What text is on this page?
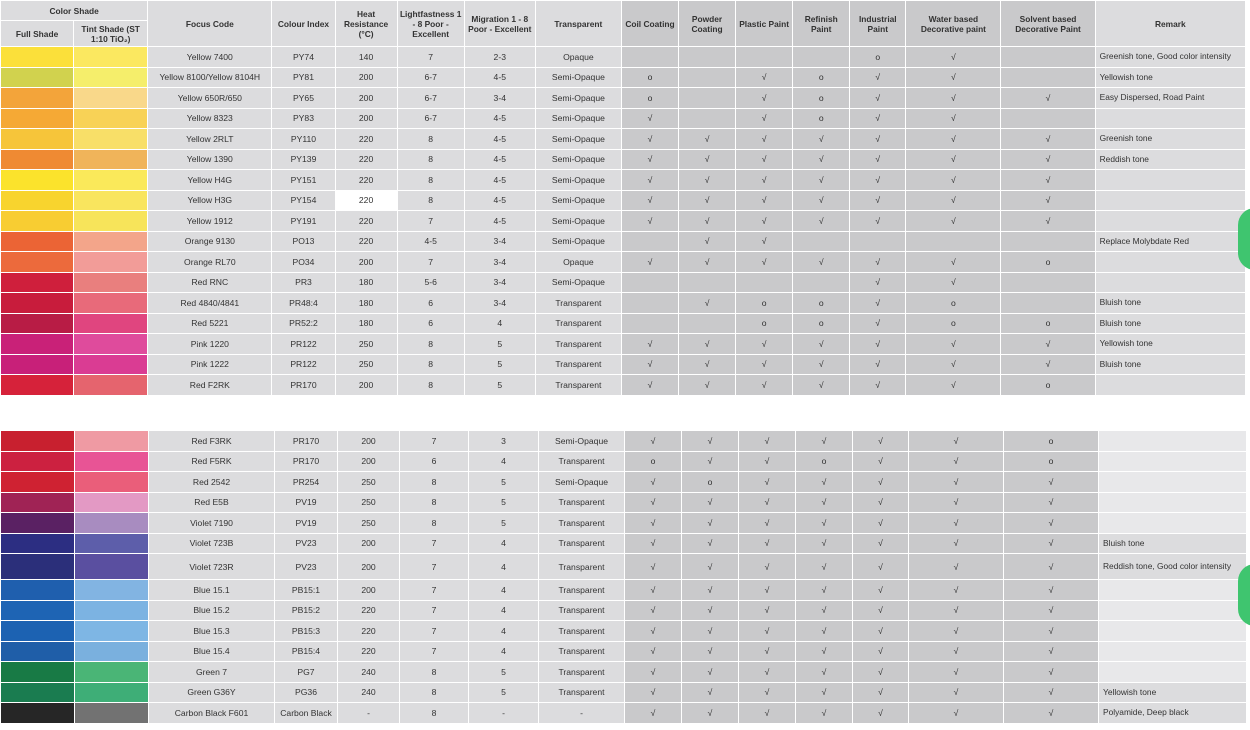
Color Shade		Focus Code	Colour Index	Heat Resistance (°C)	Lightfastness 1 - 8 Poor - Excellent	Migration 1 - 8 Poor - Excellent	Transparent	Coil Coating	Powder Coating	Plastic Paint	Refinish Paint	Industrial Paint	Water based Decorative paint	Solvent based Decorative Paint	Remark
Full Shade	Tint Shade (ST 1:10 TiO₂)														
		Yellow 7400	PY74	140	7	2-3	Opaque					o	√		Greenish tone, Good color intensity
		Yellow 8100/Yellow 8104H	PY81	200	6-7	4-5	Semi-Opaque	o		√	o	√	√		Yellowish tone
		Yellow 650R/650	PY65	200	6-7	3-4	Semi-Opaque	o		√	o	√	√	√	Easy Dispersed, Road Paint
		Yellow 8323	PY83	200	6-7	4-5	Semi-Opaque	√		√	o	√	√		
		Yellow 2RLT	PY110	220	8	4-5	Semi-Opaque	√	√	√	√	√	√	√	Greenish tone
		Yellow 1390	PY139	220	8	4-5	Semi-Opaque	√	√	√	√	√	√	√	Reddish tone
		Yellow H4G	PY151	220	8	4-5	Semi-Opaque	√	√	√	√	√	√	√	
		Yellow H3G	PY154	220	8	4-5	Semi-Opaque	√	√	√	√	√	√	√	
		Yellow 1912	PY191	220	7	4-5	Semi-Opaque	√	√	√	√	√	√	√	
		Orange 9130	PO13	220	4-5	3-4	Semi-Opaque		√	√					Replace Molybdate Red
		Orange RL70	PO34	200	7	3-4	Opaque	√	√	√	√	√	√	o	
		Red RNC	PR3	180	5-6	3-4	Semi-Opaque					√	√		
		Red 4840/4841	PR48:4	180	6	3-4	Transparent		√	o	o	√	o		Bluish tone
		Red 5221	PR52:2	180	6	4	Transparent			o	o	√	o	o	Bluish tone
		Pink 1220	PR122	250	8	5	Transparent	√	√	√	√	√	√	√	Yellowish tone
		Pink 1222	PR122	250	8	5	Transparent	√	√	√	√	√	√	√	Bluish tone
		Red F2RK	PR170	200	8	5	Transparent	√	√	√	√	√	√	o	
		Red F3RK	PR170	200	7	3	Semi-Opaque	√	√	√	√	√	√	o	
		Red F5RK	PR170	200	6	4	Transparent	o	√	√	o	√	√	o	
		Red 2542	PR254	250	8	5	Semi-Opaque	√	o	√	√	√	√	√	
		Red E5B	PV19	250	8	5	Transparent	√	√	√	√	√	√	√	
		Violet 7190	PV19	250	8	5	Transparent	√	√	√	√	√	√	√	
		Violet 723B	PV23	200	7	4	Transparent	√	√	√	√	√	√	√	Bluish tone
		Violet 723R	PV23	200	7	4	Transparent	√	√	√	√	√	√	√	Reddish tone, Good color intensity
		Blue 15.1	PB15:1	200	7	4	Transparent	√	√	√	√	√	√	√	
		Blue 15.2	PB15:2	220	7	4	Transparent	√	√	√	√	√	√	√	
		Blue 15.3	PB15:3	220	7	4	Transparent	√	√	√	√	√	√	√	
		Blue 15.4	PB15:4	220	7	4	Transparent	√	√	√	√	√	√	√	
		Green 7	PG7	240	8	5	Transparent	√	√	√	√	√	√	√	
		Green G36Y	PG36	240	8	5	Transparent	√	√	√	√	√	√	√	Yellowish tone
		Carbon Black F601	Carbon Black	-	8	-	-	√	√	√	√	√	√	√	Polyamide, Deep black
